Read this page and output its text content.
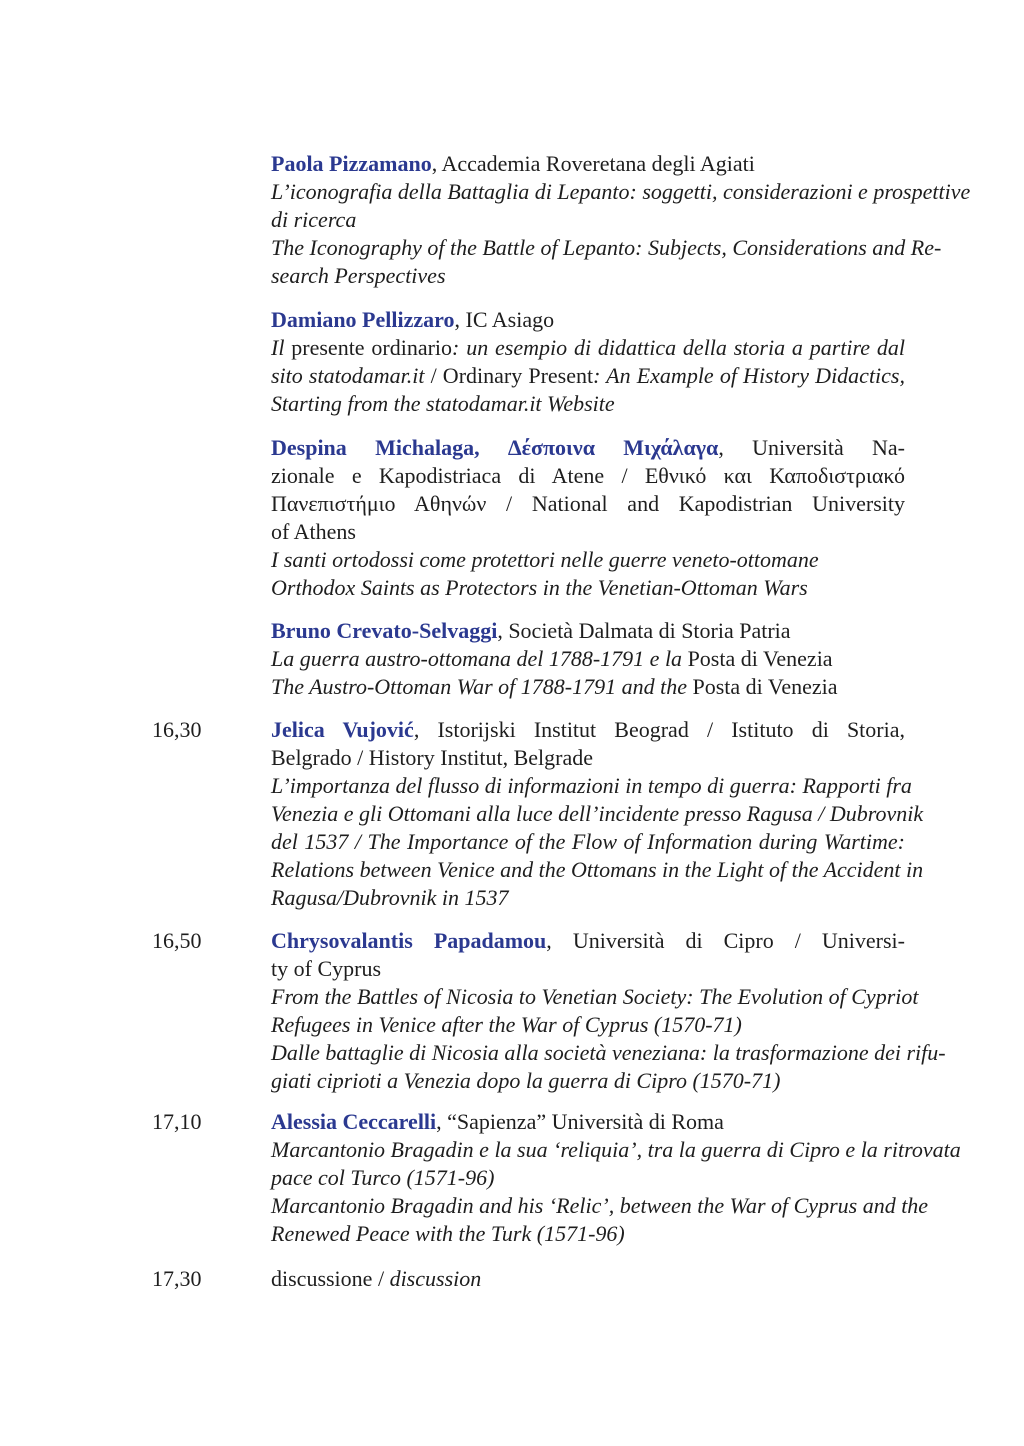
Paola Pizzamano, Accademia Roveretana degli Agiati
L’iconografia della Battaglia di Lepanto: soggetti, considerazioni e prospettive
di ricerca
The Iconography of the Battle of Lepanto: Subjects, Considerations and Re-
search Perspectives
Damiano Pellizzaro, IC Asiago
Il presente ordinario: un esempio di didattica della storia a partire dal
sito statodamar.it / Ordinary Present: An Example of History Didactics,
Starting from the statodamar.it Website
Despina Michalaga, Δέσποινα Μιχάλαγα, Università Na-
zionale e Kapodistriaca di Atene / Εθνικό και Καποδιστριακό
Πανεπιστήμιο Αθηνών / National and Kapodistrian University
of Athens
I santi ortodossi come protettori nelle guerre veneto-ottomane
Orthodox Saints as Protectors in the Venetian-Ottoman Wars
Bruno Crevato-Selvaggi, Società Dalmata di Storia Patria
La guerra austro-ottomana del 1788-1791 e la Posta di Venezia
The Austro-Ottoman War of 1788-1791 and the Posta di Venezia
16,30	Jelica Vujović, Istorijski Institut Beograd / Istituto di Storia,
Belgrado / History Institut, Belgrade
L’importanza del flusso di informazioni in tempo di guerra: Rapporti fra
Venezia e gli Ottomani alla luce dell’incidente presso Ragusa / Dubrovnik
del 1537 / The Importance of the Flow of Information during Wartime:
Relations between Venice and the Ottomans in the Light of the Accident in
Ragusa/Dubrovnik in 1537
16,50	Chrysovalantis Papadamou, Università di Cipro / Universi-
ty of Cyprus
From the Battles of Nicosia to Venetian Society: The Evolution of Cypriot
Refugees in Venice after the War of Cyprus (1570-71)
Dalle battaglie di Nicosia alla società veneziana: la trasformazione dei rifu-
giati ciprioti a Venezia dopo la guerra di Cipro (1570-71)
17,10	Alessia Ceccarelli, “Sapienza” Università di Roma
Marcantonio Bragadin e la sua ‘reliquia’, tra la guerra di Cipro e la ritrovata
pace col Turco (1571-96)
Marcantonio Bragadin and his ‘Relic’, between the War of Cyprus and the
Renewed Peace with the Turk (1571-96)
17,30	discussione / discussion
